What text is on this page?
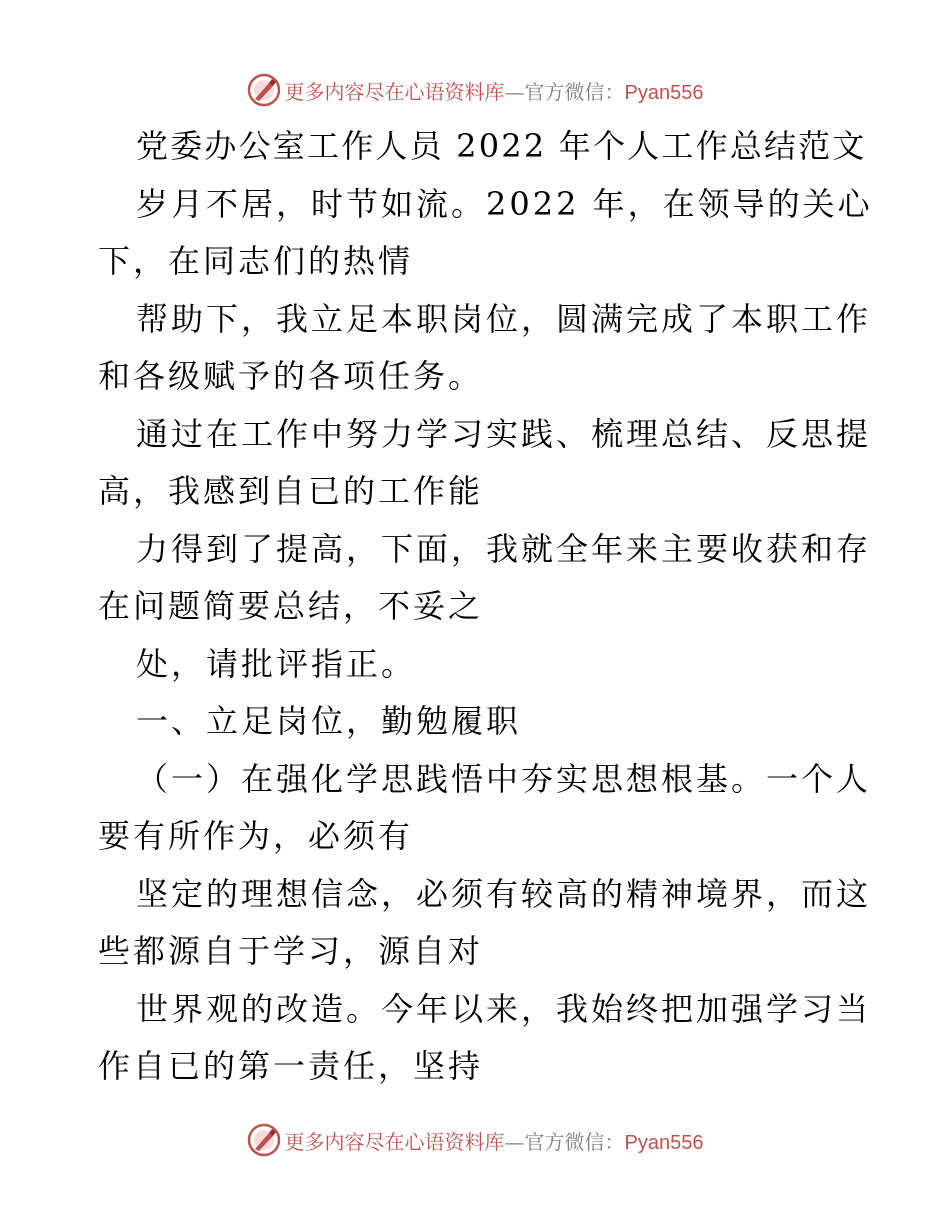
更多内容尽在心语资料库—官方微信：Pyan556
党委办公室工作人员 2022 年个人工作总结范文
岁月不居，时节如流。2022 年，在领导的关心
下，在同志们的热情
帮助下，我立足本职岗位，圆满完成了本职工作
和各级赋予的各项任务。
通过在工作中努力学习实践、梳理总结、反思提
高，我感到自已的工作能
力得到了提高，下面，我就全年来主要收获和存
在问题简要总结，不妥之
处，请批评指正。
一、立足岗位，勤勉履职
（一）在强化学思践悟中夯实思想根基。一个人
要有所作为，必须有
坚定的理想信念，必须有较高的精神境界，而这
些都源自于学习，源自对
世界观的改造。今年以来，我始终把加强学习当
作自已的第一责任，坚持
更多内容尽在心语资料库—官方微信：Pyan556
